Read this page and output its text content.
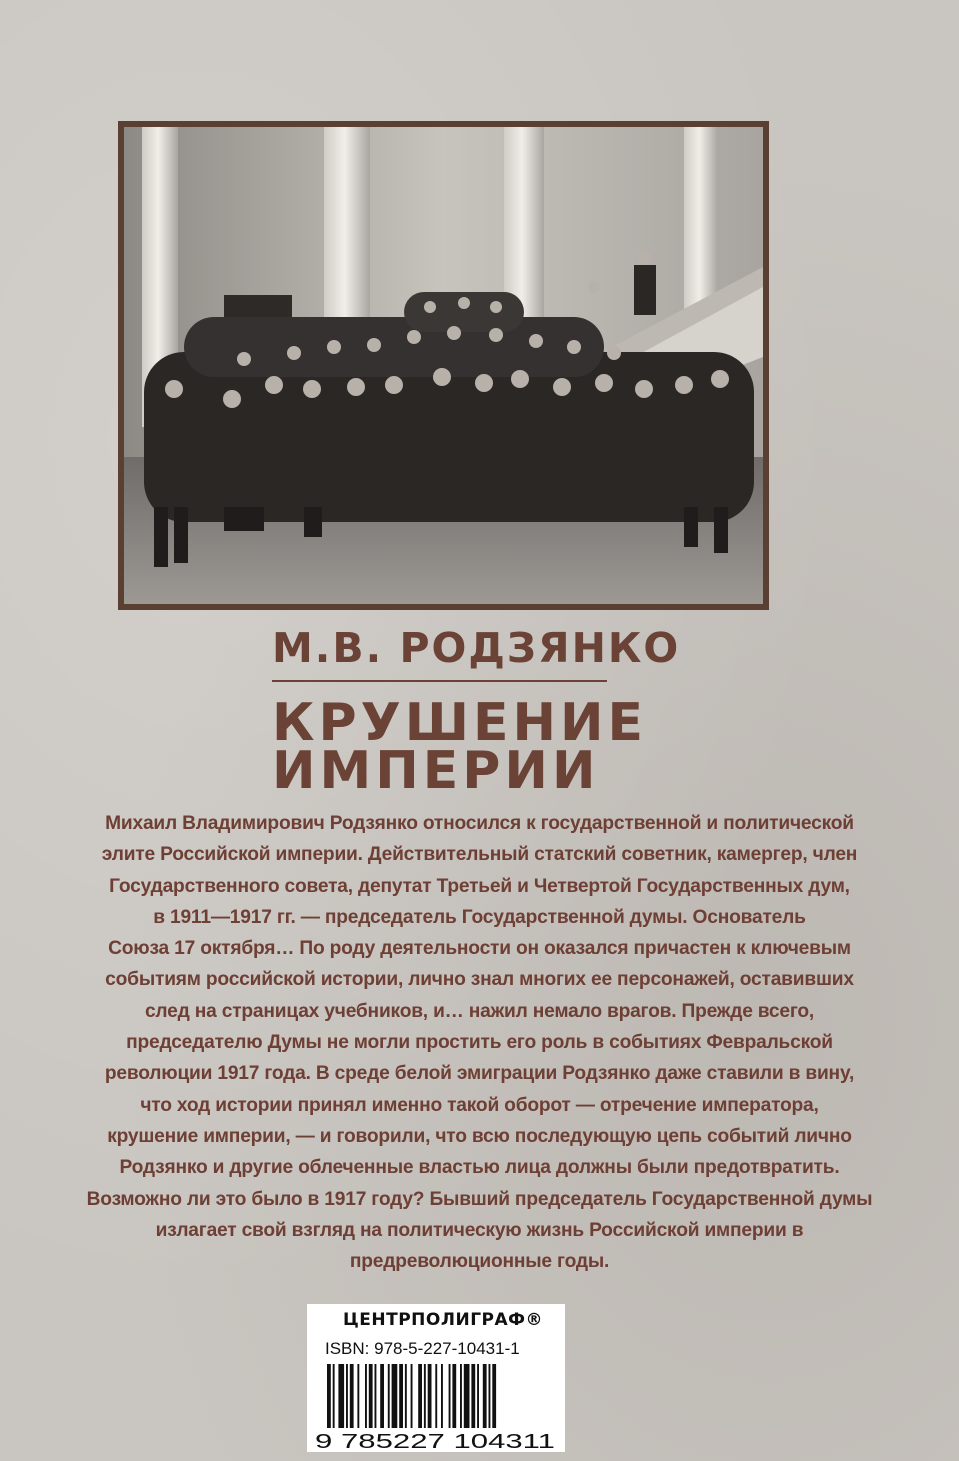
М.В. РОДЗЯНКО
КРУШЕНИЕ
ИМПЕРИИ
Михаил Владимирович Родзянко относился к государственной и политической
элите Российской империи. Действительный статский советник, камергер, член
Государственного совета, депутат Третьей и Четвертой Государственных дум,
в 1911—1917 гг. — председатель Государственной думы. Основатель
Союза 17 октября… По роду деятельности он оказался причастен к ключевым
событиям российской истории, лично знал многих ее персонажей, оставивших
след на страницах учебников, и… нажил немало врагов. Прежде всего,
председателю Думы не могли простить его роль в событиях Февральской
революции 1917 года. В среде белой эмиграции Родзянко даже ставили в вину,
что ход истории принял именно такой оборот — отречение императора,
крушение империи, — и говорили, что всю последующую цепь событий лично
Родзянко и другие облеченные властью лица должны были предотвратить.
Возможно ли это было в 1917 году? Бывший председатель Государственной думы
излагает свой взгляд на политическую жизнь Российской империи в
предреволюционные годы.
ЦЕНТРПОЛИГРАФ®
ISBN: 978-5-227-10431-1
9 785227 104311
